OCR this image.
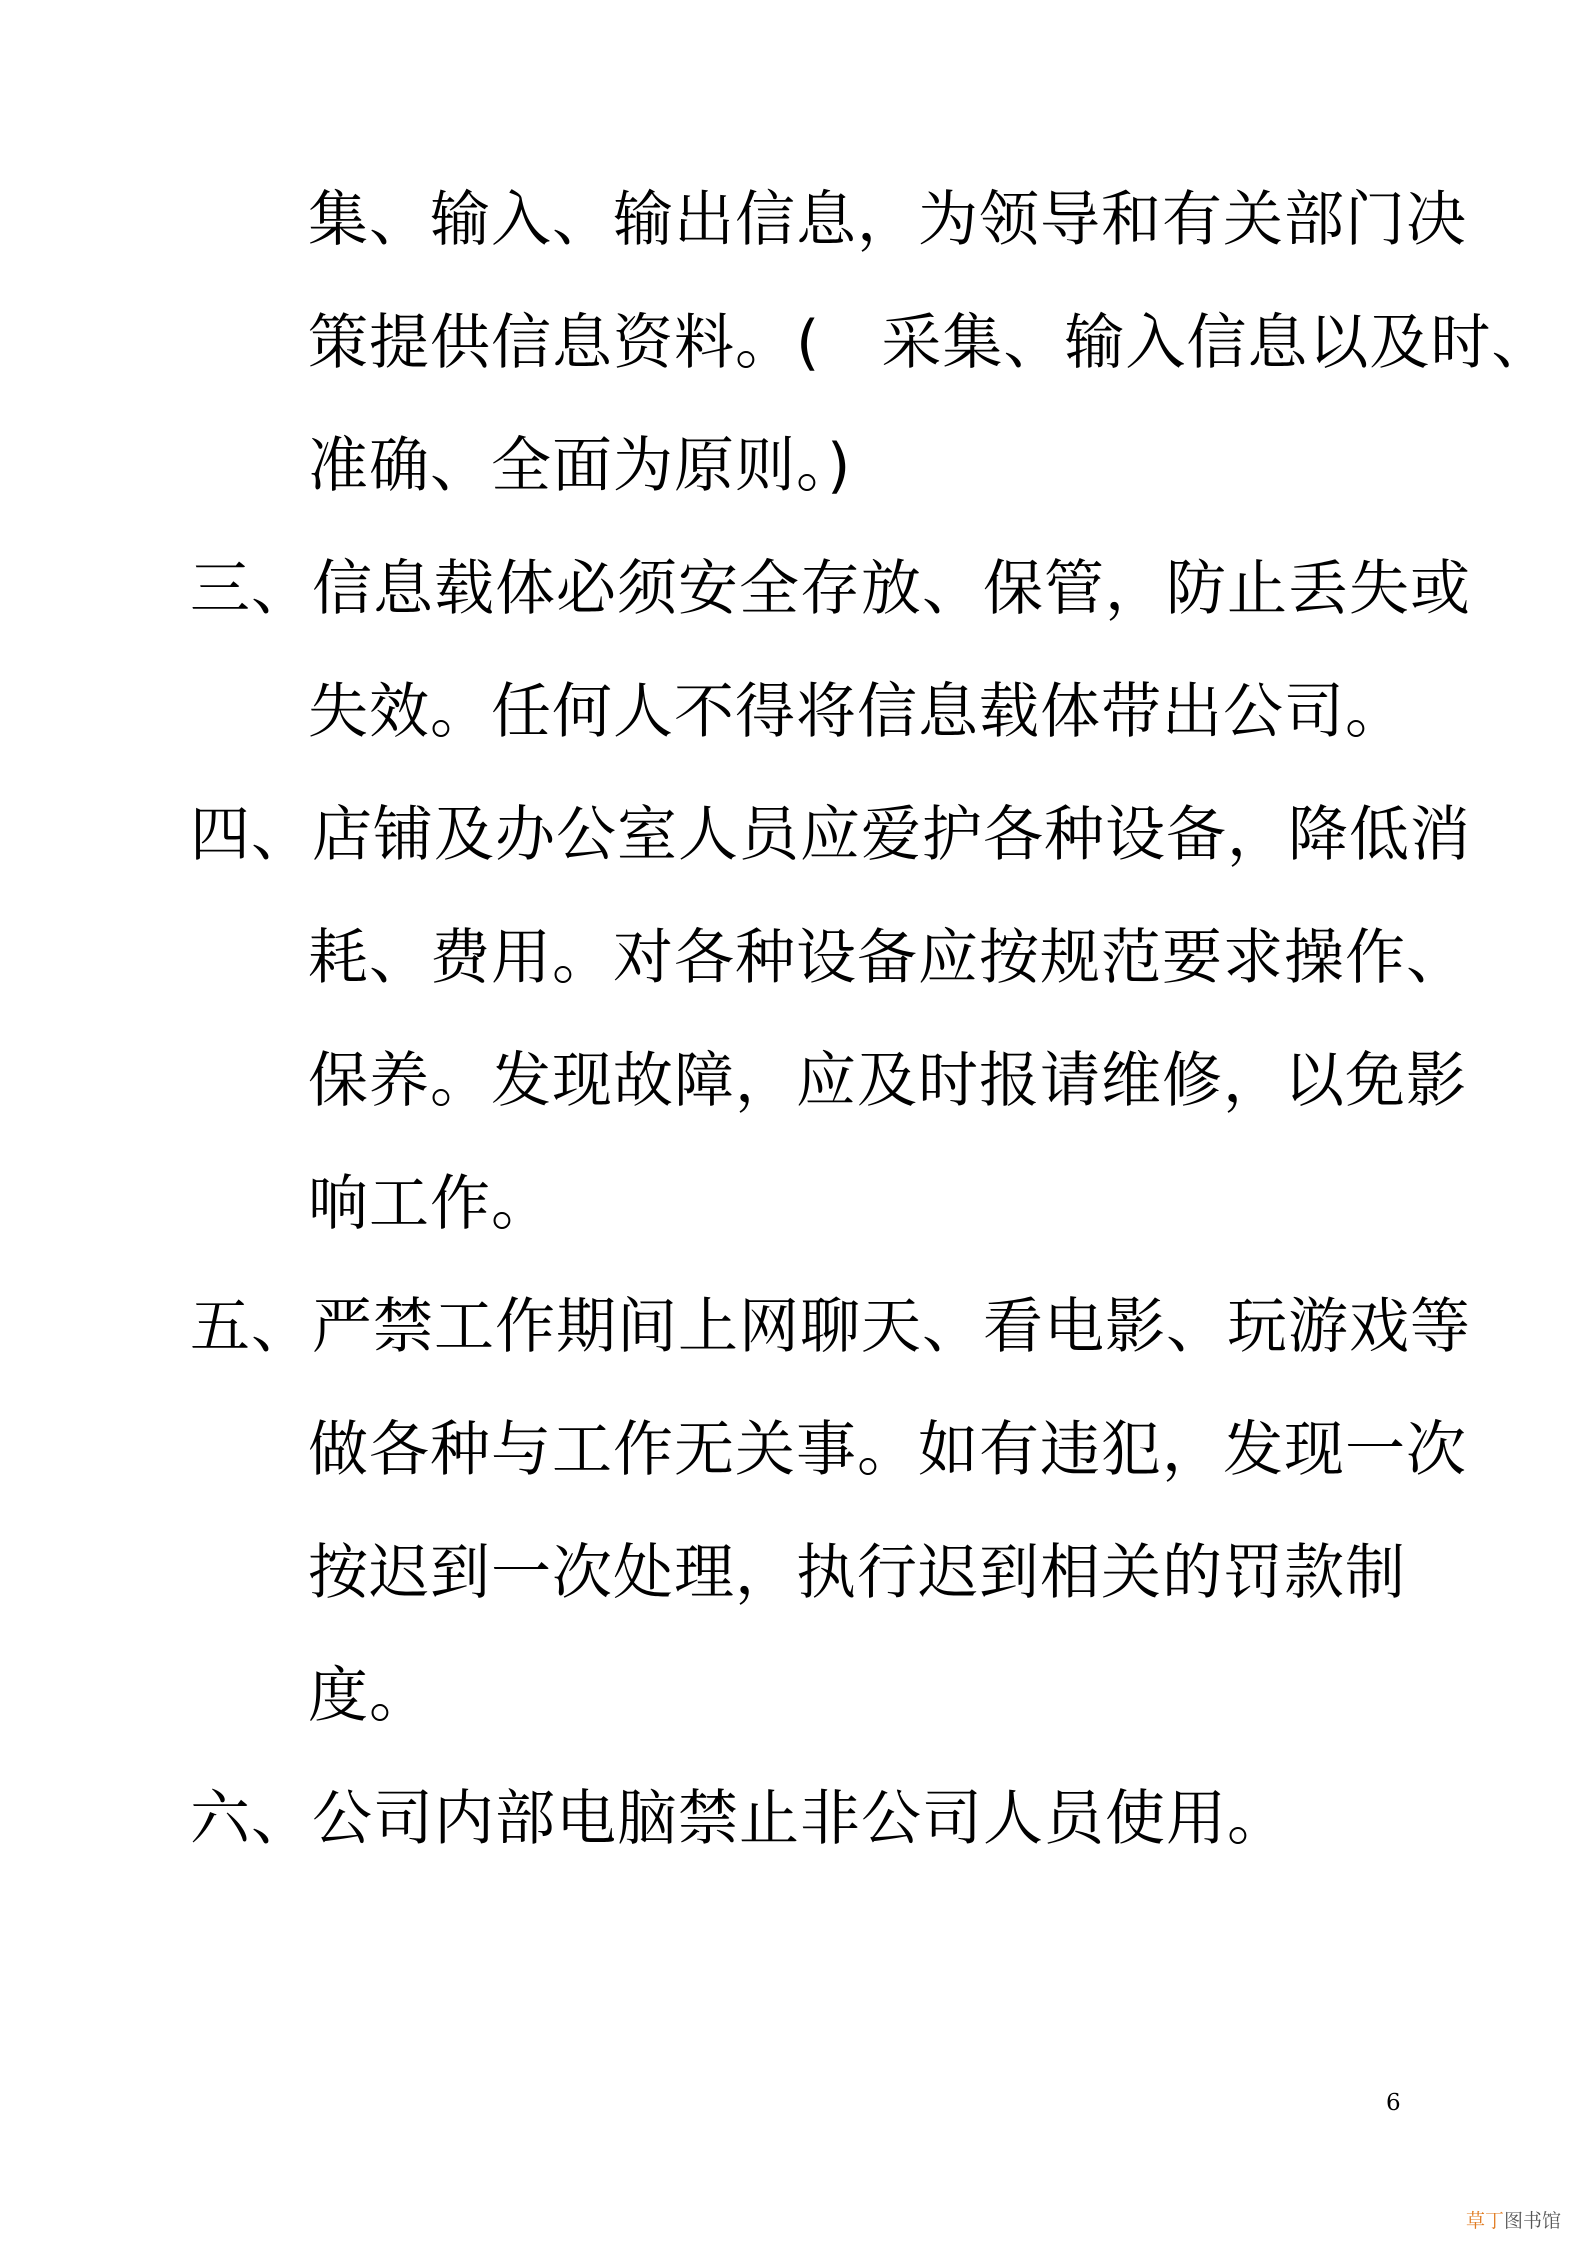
集、输入、输出信息，为领导和有关部门决
策提供信息资料。(　采集、输入信息以及时、
准确、全面为原则。)
三、信息载体必须安全存放、保管，防止丢失或
失效。任何人不得将信息载体带出公司。
四、店铺及办公室人员应爱护各种设备，降低消
耗、费用。对各种设备应按规范要求操作、
保养。发现故障，应及时报请维修，以免影
响工作。
五、严禁工作期间上网聊天、看电影、玩游戏等
做各种与工作无关事。如有违犯，发现一次
按迟到一次处理，执行迟到相关的罚款制
度。
六、公司内部电脑禁止非公司人员使用。
6
草丁图书馆
